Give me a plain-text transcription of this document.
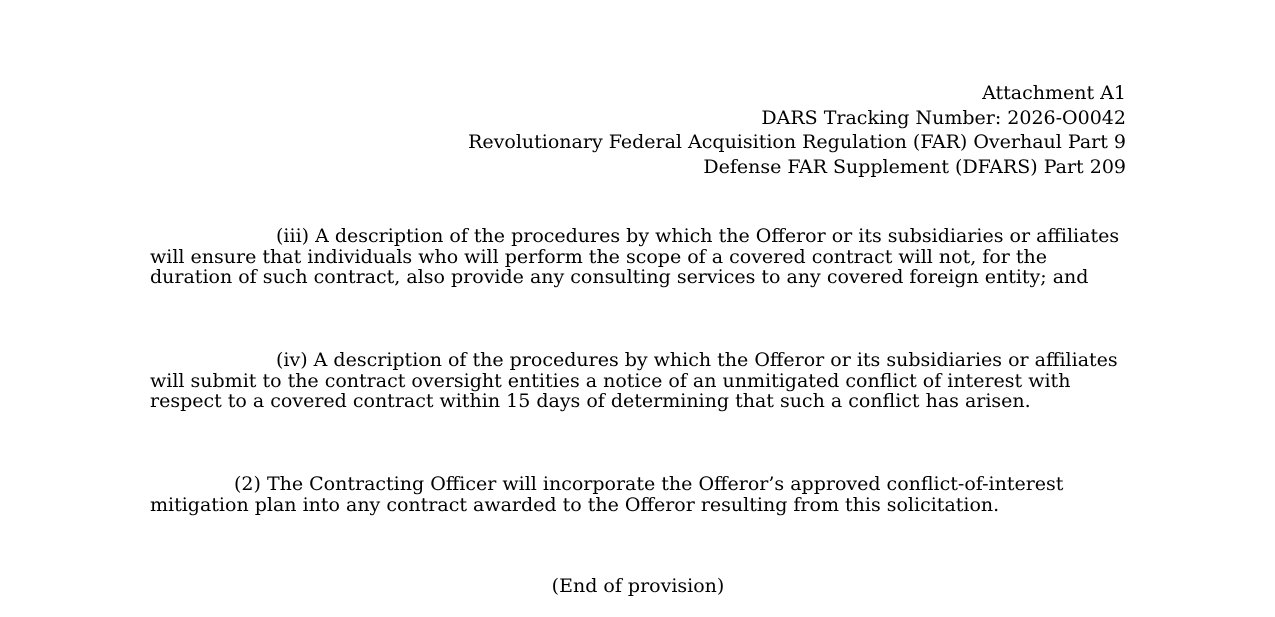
Attachment A1
DARS Tracking Number: 2026-O0042
Revolutionary Federal Acquisition Regulation (FAR) Overhaul Part 9
Defense FAR Supplement (DFARS) Part 209

(iii) A description of the procedures by which the Offeror or its subsidiaries or affiliates will ensure that individuals who will perform the scope of a covered contract will not, for the duration of such contract, also provide any consulting services to any covered foreign entity; and

(iv) A description of the procedures by which the Offeror or its subsidiaries or affiliates will submit to the contract oversight entities a notice of an unmitigated conflict of interest with respect to a covered contract within 15 days of determining that such a conflict has arisen.

(2) The Contracting Officer will incorporate the Offeror’s approved conflict-of-interest mitigation plan into any contract awarded to the Offeror resulting from this solicitation.

(End of provision)
